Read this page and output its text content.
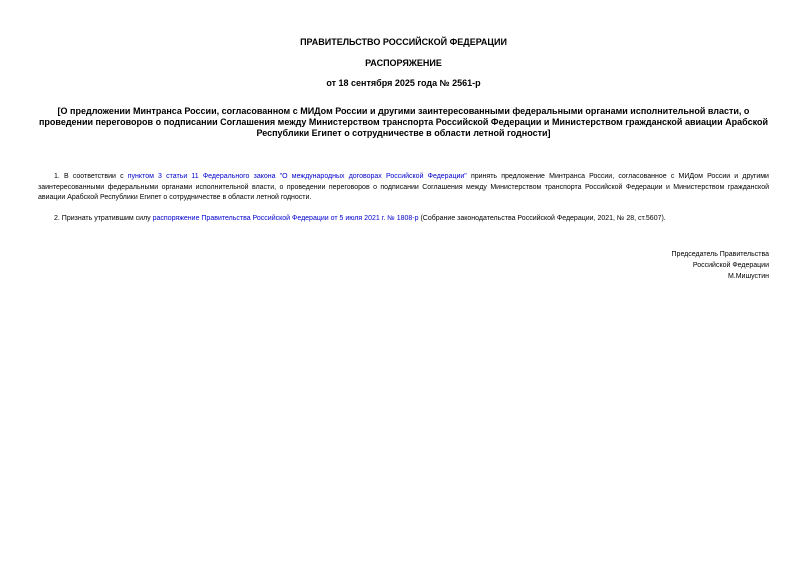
ПРАВИТЕЛЬСТВО РОССИЙСКОЙ ФЕДЕРАЦИИ
РАСПОРЯЖЕНИЕ
от 18 сентября 2025 года № 2561-р
[О предложении Минтранса России, согласованном с МИДом России и другими заинтересованными федеральными органами исполнительной власти, о проведении переговоров о подписании Соглашения между Министерством транспорта Российской Федерации и Министерством гражданской авиации Арабской Республики Египет о сотрудничестве в области летной годности]

1. В соответствии с пунктом 3 статьи 11 Федерального закона "О международных договорах Российской Федерации" принять предложение Минтранса России, согласованное с МИДом России и другими заинтересованными федеральными органами исполнительной власти, о проведении переговоров о подписании Соглашения между Министерством транспорта Российской Федерации и Министерством гражданской авиации Арабской Республики Египет о сотрудничестве в области летной годности.

2. Признать утратившим силу распоряжение Правительства Российской Федерации от 5 июля 2021 г. № 1808-р (Собрание законодательства Российской Федерации, 2021, № 28, ст.5607).

Председатель Правительства
Российской Федерации
М.Мишустин
